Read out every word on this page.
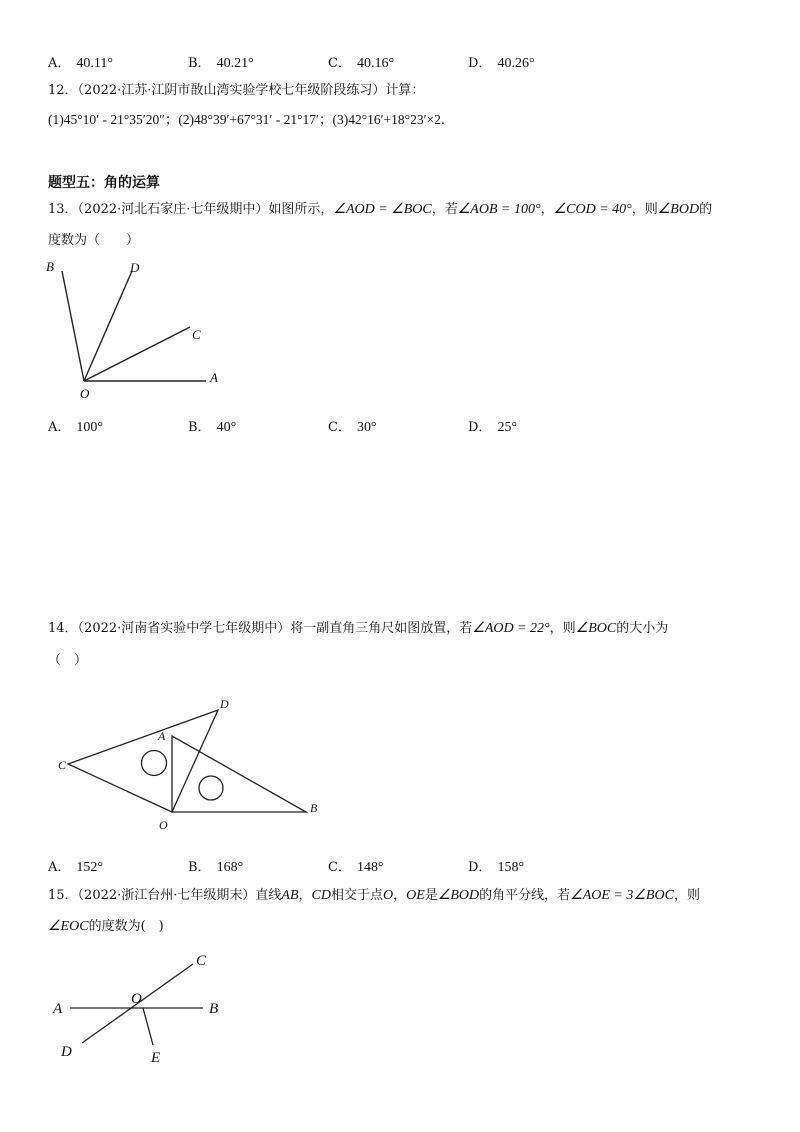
A． 40.11°	B． 40.21°	C． 40.16°	D． 40.26°
12．（2022·江苏·江阴市敔山湾实验学校七年级阶段练习）计算：
(1)45°10′ - 21°35′20″；(2)48°39′+67°31′ - 21°17′；(3)42°16′+18°23′×2．
题型五：角的运算
13．（2022·河北石家庄·七年级期中）如图所示，∠AOD = ∠BOC，若∠AOB = 100°，∠COD = 40°，则∠BOD的
度数为（　　）
B	D
C
O
A
A． 100°	B． 40°	C． 30°	D． 25°
14．（2022·河南省实验中学七年级期中）将一副直角三角尺如图放置，若∠AOD = 22°，则∠BOC的大小为
（　）
D
A
C
O
B
A． 152°	B． 168°	C． 148°	D． 158°
15．（2022·浙江台州·七年级期末）直线AB，CD相交于点O，OE是∠BOD的角平分线，若∠AOE = 3∠BOC，则
∠EOC的度数为(　)
C
O
A	B
D	E
